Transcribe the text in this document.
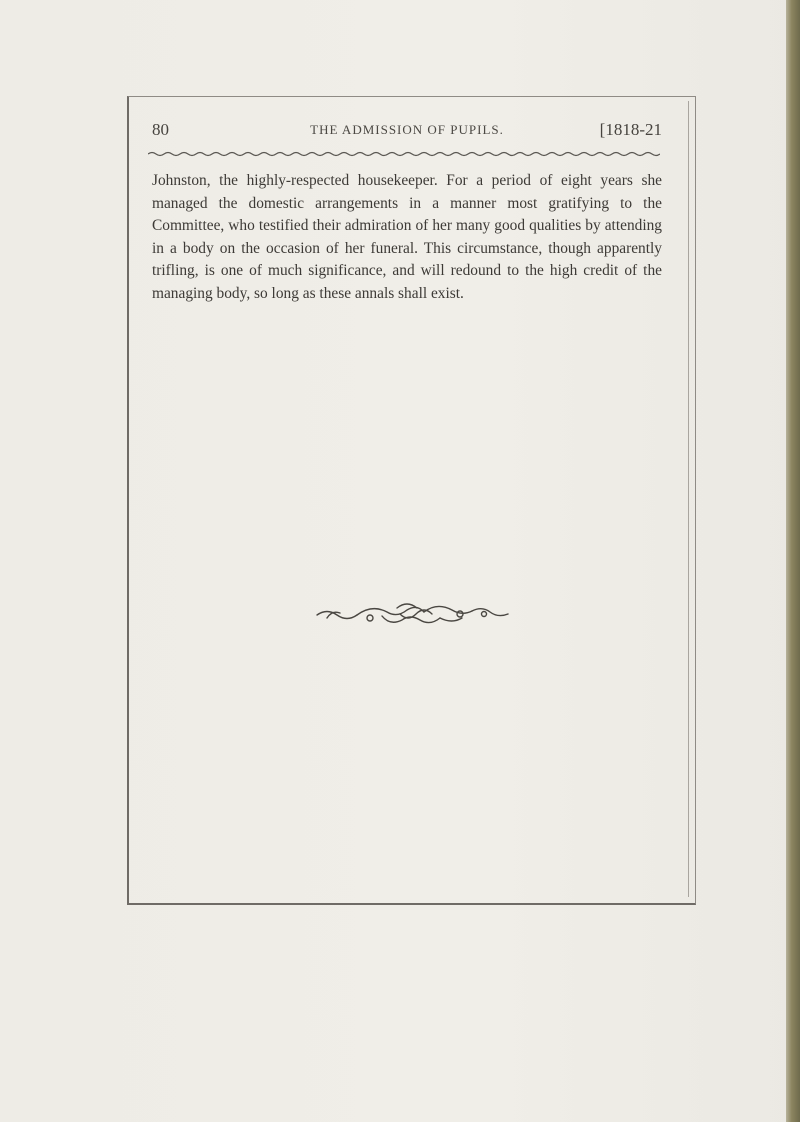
80	THE ADMISSION OF PUPILS.	[1818-21

Johnston, the highly-respected housekeeper. For a period of eight years she managed the domestic arrangements in a manner most gratifying to the Committee, who testified their admiration of her many good qualities by attending in a body on the occasion of her funeral. This circumstance, though apparently trifling, is one of much significance, and will redound to the high credit of the managing body, so long as these annals shall exist.
